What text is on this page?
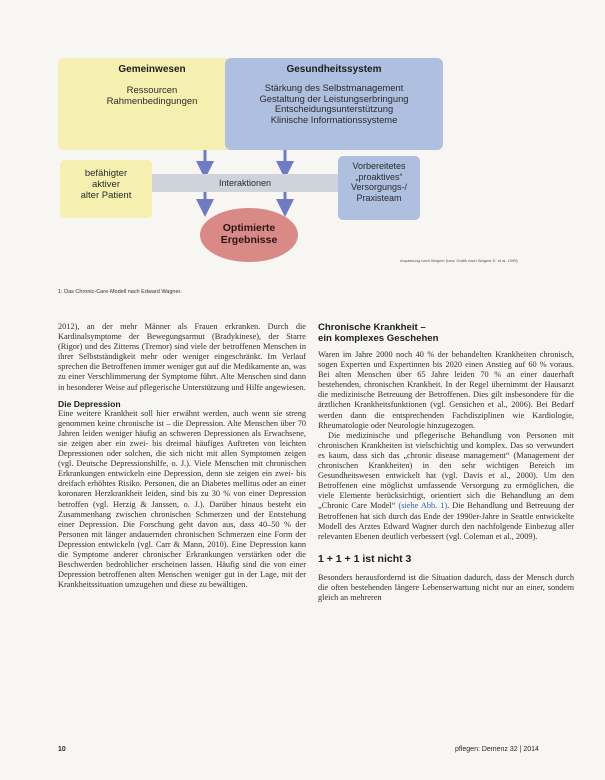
Gemeinwesen
Ressourcen
Rahmenbedingungen
Gesundheitssystem
Stärkung des Selbstmanagement
Gestaltung der Leistungserbringung
Entscheidungsunterstützung
Klinische Informationssysteme
befähigter
aktiver
alter Patient
Interaktionen
Vorbereitetes
„proaktives“
Versorgungs-/
Praxisteam
Optimierte
Ergebnisse
Anpassung nach Wagner (bzw. Grafik nach Wagner E. et al. 1999)
1: Das Chronic-Care-Modell nach Edward Wagner.

2012), an der mehr Männer als Frauen erkranken. Durch die Kardinalsymptome der Bewegungsarmut (Bradykinese), der Starre (Rigor) und des Zitterns (Tremor) sind viele der betroffenen Menschen in ihrer Selbstständigkeit mehr oder weniger eingeschränkt. Im Verlauf sprechen die Betroffenen immer weniger gut auf die Medikamente an, was zu einer Verschlimmerung der Symptome führt. Alte Menschen sind dann in besonderer Weise auf pflegerische Unterstützung und Hilfe angewiesen.

Die Depression

Eine weitere Krankheit soll hier erwähnt werden, auch wenn sie streng genommen keine chronische ist – die Depression. Alte Menschen über 70 Jahren leiden weniger häufig an schweren Depressionen als Erwachsene, sie zeigen aber ein zwei- bis dreimal häufiges Auftreten von leichten Depressionen oder solchen, die sich nicht mit allen Symptomen zeigen (vgl. Deutsche Depressionshilfe, o. J.). Viele Menschen mit chronischen Erkrankungen entwickeln eine Depression, denn sie zeigen ein zwei- bis dreifach erhöhtes Risiko. Personen, die an Diabetes mellitus oder an einer koronaren Herzkrankheit leiden, sind bis zu 30 % von einer Depression betroffen (vgl. Herzig & Janssen, o. J.). Darüber hinaus besteht ein Zusammenhang zwischen chronischen Schmerzen und der Entstehung einer Depression. Die Forschung geht davon aus, dass 40–50 % der Personen mit länger andauernden chronischen Schmerzen eine Form der Depression entwickeln (vgl. Carr & Mann, 2010). Eine Depression kann die Symptome anderer chronischer Erkrankungen verstärken oder die Beschwerden bedrohlicher erscheinen lassen. Häufig sind die von einer Depression betroffenen alten Menschen weniger gut in der Lage, mit der Krankheitssituation umzugehen und diese zu bewältigen.

Chronische Krankheit –
ein komplexes Geschehen

Waren im Jahre 2000 noch 40 % der behandelten Krankheiten chronisch, sogen Experten und Expertinnen bis 2020 einen Anstieg auf 60 % voraus. Bei alten Menschen über 65 Jahre leiden 70 % an einer dauerhaft bestehenden, chronischen Krankheit. In der Regel übernimmt der Hausarzt die medizinische Betreuung der Betroffenen. Dies gilt insbesondere für die ärztlichen Krankheitsfunktionen (vgl. Gensichen et al., 2006). Bei Bedarf werden dann die entsprechenden Fachdisziplinen wie Kardiologie, Rheumatologie oder Neurologie hinzugezogen.

Die medizinische und pflegerische Behandlung von Personen mit chronischen Krankheiten ist vielschichtig und komplex. Das so verwundert es kaum, dass sich das „chronic disease management“ (Management der chronischen Krankheiten) in den sehr wichtigen Bereich im Gesundheitswesen entwickelt hat (vgl. Davis et al., 2000). Um den Betroffenen eine möglichst umfassende Versorgung zu ermöglichen, die viele Elemente berücksichtigt, orientiert sich die Behandlung an dem „Chronic Care Model“ (siehe Abb. 1). Die Behandlung und Betreuung der Betroffenen hat sich durch das Ende der 1990er-Jahre in Seattle entwickelte Modell des Arztes Edward Wagner durch den nachfolgende Einbezug aller relevanten Ebenen deutlich verbessert (vgl. Coleman et al., 2009).

1 + 1 + 1 ist nicht 3

Besonders herausfordernd ist die Situation dadurch, dass der Mensch durch die often bestehenden längere Lebenserwartung nicht nur an einer, sondern gleich an mehreren

10	pflegen: Demenz 32 | 2014
